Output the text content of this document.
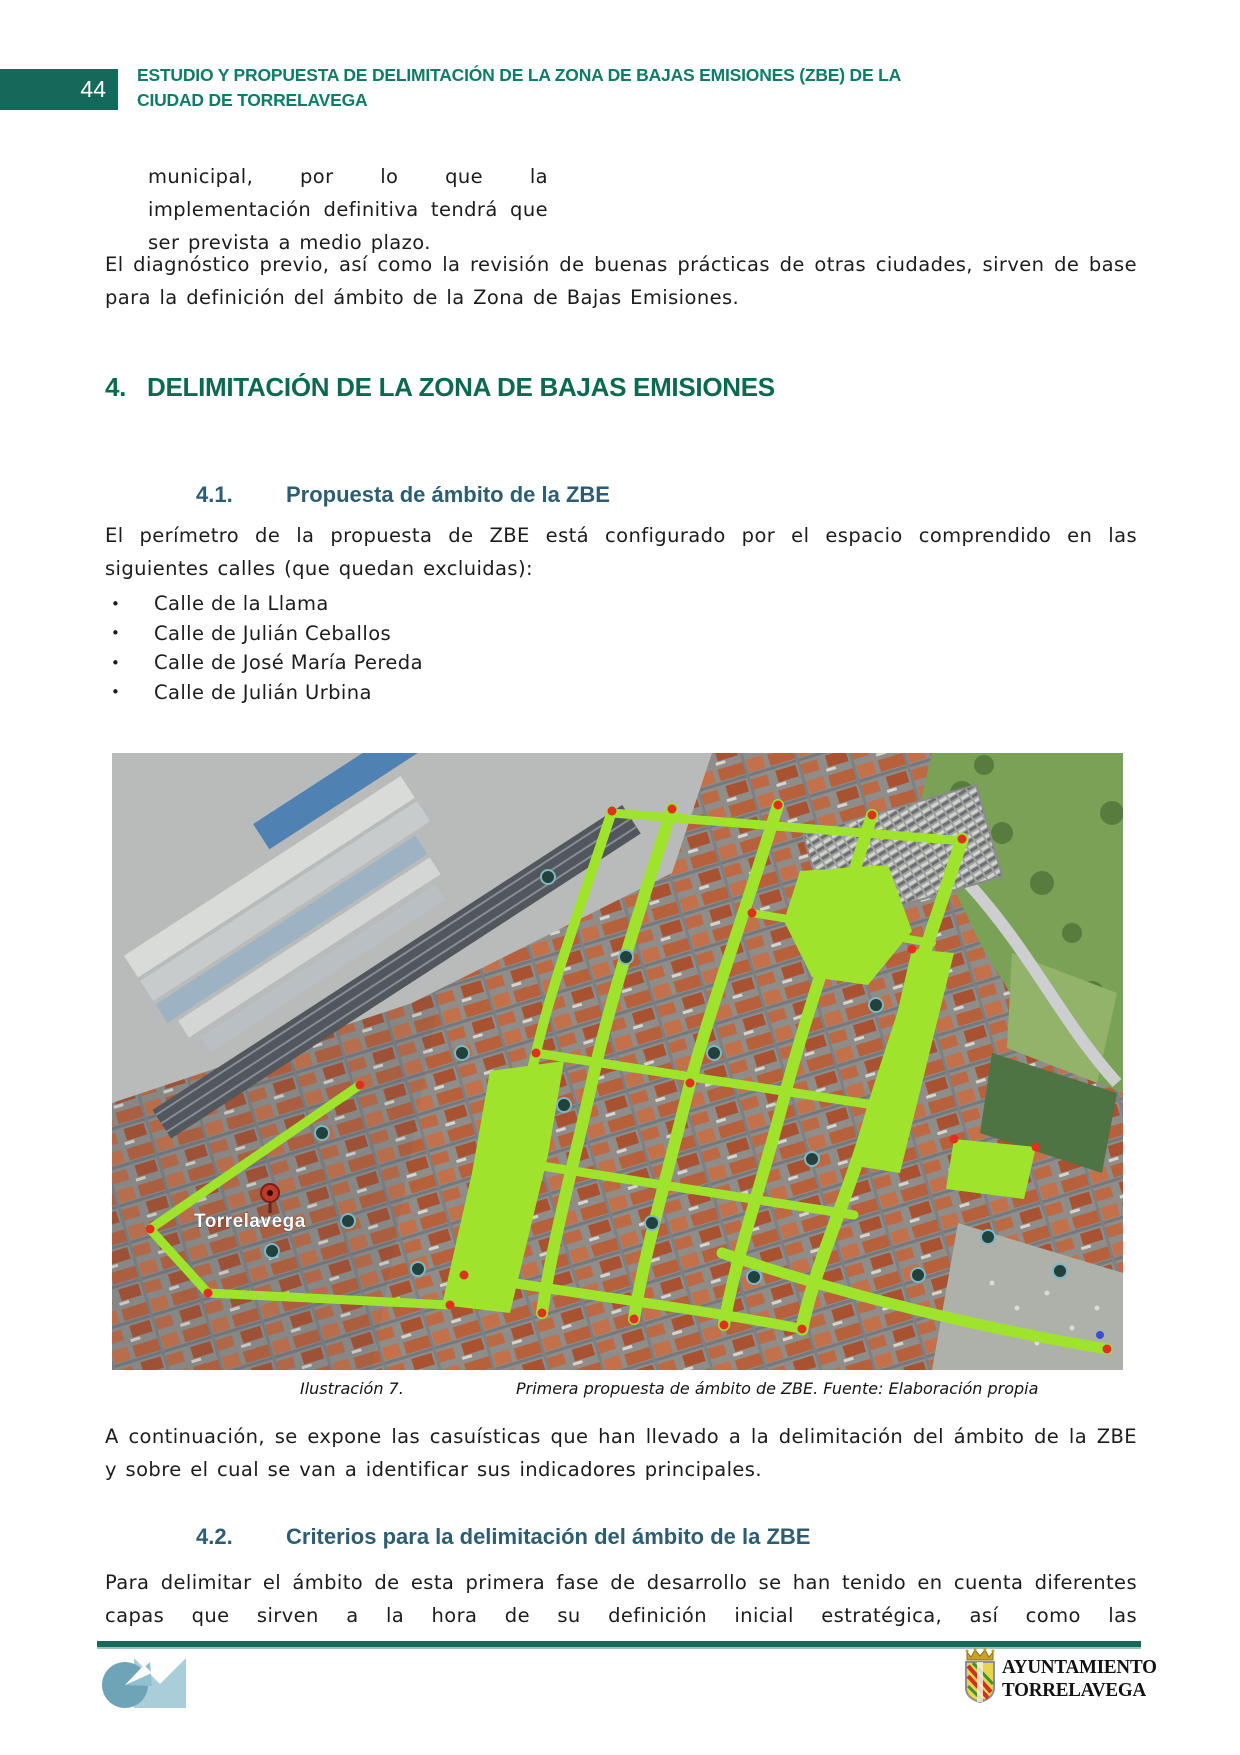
44
ESTUDIO Y PROPUESTA DE DELIMITACIÓN DE LA ZONA DE BAJAS EMISIONES (ZBE) DE LA
CIUDAD DE TORRELAVEGA
municipal, por lo que la implementación definitiva tendrá que ser prevista a medio plazo.
El diagnóstico previo, así como la revisión de buenas prácticas de otras ciudades, sirven de base para la definición del ámbito de la Zona de Bajas Emisiones.
4. DELIMITACIÓN DE LA ZONA DE BAJAS EMISIONES
4.1.	Propuesta de ámbito de la ZBE
El perímetro de la propuesta de ZBE está configurado por el espacio comprendido en las siguientes calles (que quedan excluidas):
•	Calle de la Llama
•	Calle de Julián Ceballos
•	Calle de José María Pereda
•	Calle de Julián Urbina
Torrelavega
Ilustración 7.	Primera propuesta de ámbito de ZBE. Fuente: Elaboración propia
A continuación, se expone las casuísticas que han llevado a la delimitación del ámbito de la ZBE y sobre el cual se van a identificar sus indicadores principales.
4.2.	Criterios para la delimitación del ámbito de la ZBE
Para delimitar el ámbito de esta primera fase de desarrollo se han tenido en cuenta diferentes capas que sirven a la hora de su definición inicial estratégica, así como las
AYUNTAMIENTO
TORRELAVEGA
